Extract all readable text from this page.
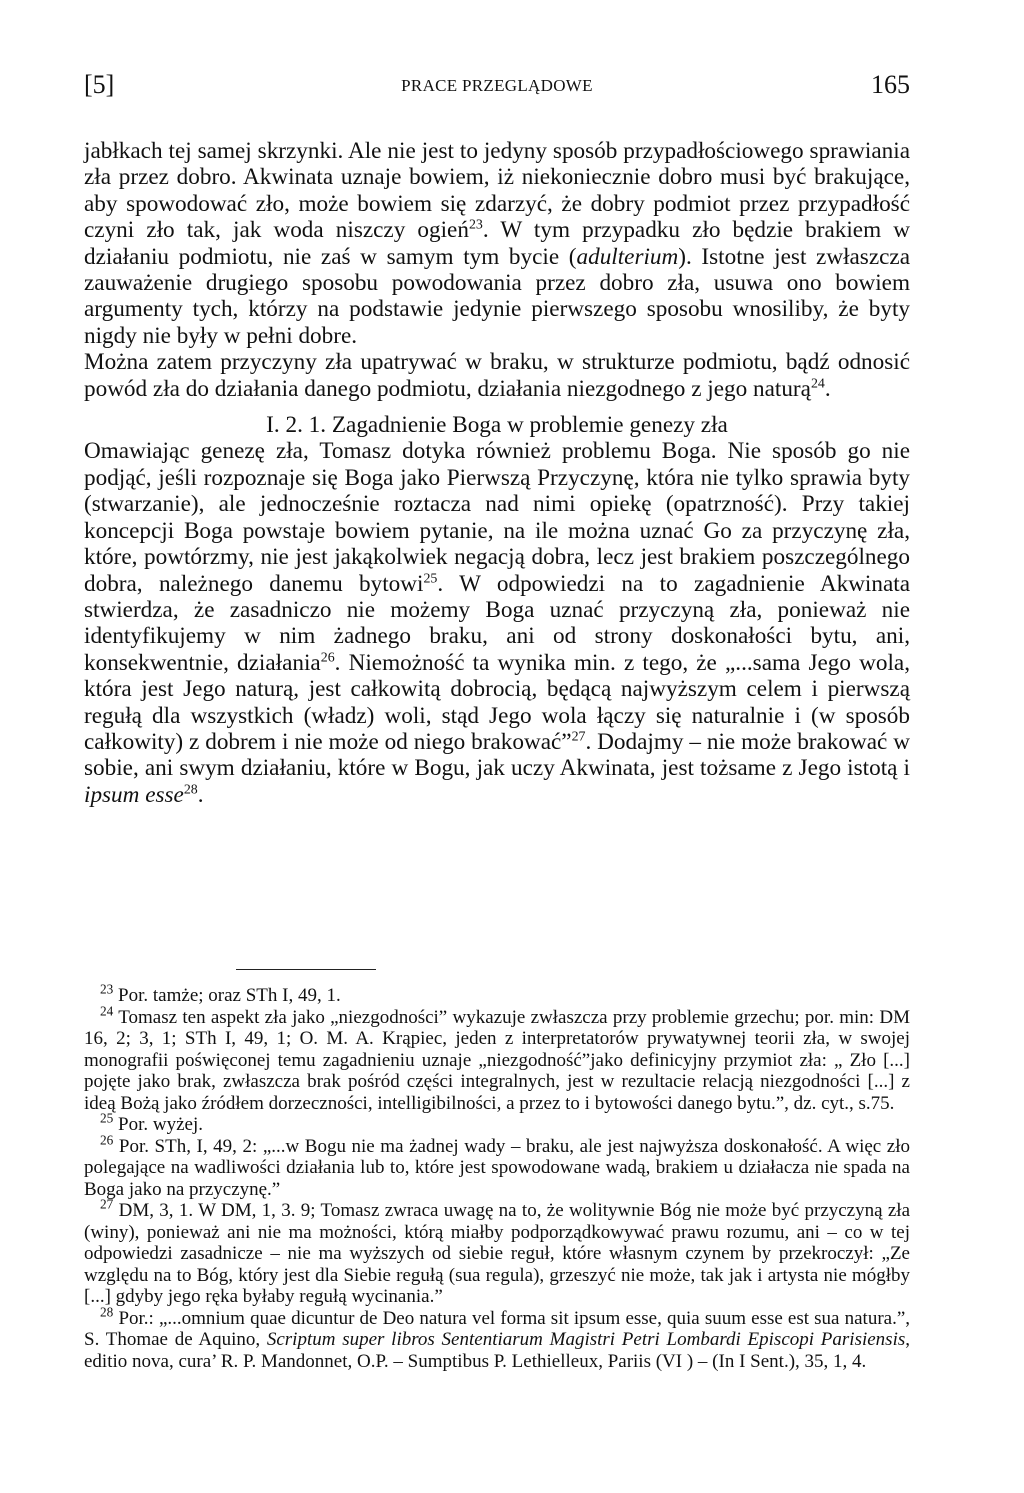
[5]	PRACE PRZEGLĄDOWE	165

jabłkach tej samej skrzynki. Ale nie jest to jedyny sposób przypadłościowego sprawiania zła przez dobro. Akwinata uznaje bowiem, iż niekoniecznie dobro musi być brakujące, aby spowodować zło, może bowiem się zdarzyć, że dobry podmiot przez przypadłość czyni zło tak, jak woda niszczy ogień$^{23}$. W tym przypadku zło będzie brakiem w działaniu podmiotu, nie zaś w samym tym bycie (adulterium). Istotne jest zwłaszcza zauważenie drugiego sposobu powodowania przez dobro zła, usuwa ono bowiem argumenty tych, którzy na podstawie jedynie pierwszego sposobu wnosiliby, że byty nigdy nie były w pełni dobre.

Można zatem przyczyny zła upatrywać w braku, w strukturze podmiotu, bądź odnosić powód zła do działania danego podmiotu, działania niezgodnego z jego naturą$^{24}$.

I. 2. 1. Zagadnienie Boga w problemie genezy zła

Omawiając genezę zła, Tomasz dotyka również problemu Boga. Nie sposób go nie podjąć, jeśli rozpoznaje się Boga jako Pierwszą Przyczynę, która nie tylko sprawia byty (stwarzanie), ale jednocześnie roztacza nad nimi opiekę (opatrzność). Przy takiej koncepcji Boga powstaje bowiem pytanie, na ile można uznać Go za przyczynę zła, które, powtórzmy, nie jest jakąkolwiek negacją dobra, lecz jest brakiem poszczególnego dobra, należnego danemu bytowi$^{25}$. W odpowiedzi na to zagadnienie Akwinata stwierdza, że zasadniczo nie możemy Boga uznać przyczyną zła, ponieważ nie identyfikujemy w nim żadnego braku, ani od strony doskonałości bytu, ani, konsekwentnie, działania$^{26}$. Niemożność ta wynika min. z tego, że „...sama Jego wola, która jest Jego naturą, jest całkowitą dobrocią, będącą najwyższym celem i pierwszą regułą dla wszystkich (władz) woli, stąd Jego wola łączy się naturalnie i (w sposób całkowity) z dobrem i nie może od niego brakować”$^{27}$. Dodajmy – nie może brakować w sobie, ani swym działaniu, które w Bogu, jak uczy Akwinata, jest tożsame z Jego istotą i ipsum esse$^{28}$.

$^{23}$ Por. tamże; oraz STh I, 49, 1.

$^{24}$ Tomasz ten aspekt zła jako „niezgodności” wykazuje zwłaszcza przy problemie grzechu; por. min: DM 16, 2; 3, 1; STh I, 49, 1; O. M. A. Krąpiec, jeden z interpretatorów prywatywnej teorii zła, w swojej monografii poświęconej temu zagadnieniu uznaje „niezgodność”jako definicyjny przymiot zła: „ Zło [...] pojęte jako brak, zwłaszcza brak pośród części integralnych, jest w rezultacie relacją niezgodności [...] z ideą Bożą jako źródłem dorzeczności, intelligibilności, a przez to i bytowości danego bytu.”, dz. cyt., s.75.

$^{25}$ Por. wyżej.

$^{26}$ Por. STh, I, 49, 2: „...w Bogu nie ma żadnej wady – braku, ale jest najwyższa doskonałość. A więc zło polegające na wadliwości działania lub to, które jest spowodowane wadą, brakiem u działacza nie spada na Boga jako na przyczynę.”

$^{27}$ DM, 3, 1. W DM, 1, 3. 9; Tomasz zwraca uwagę na to, że wolitywnie Bóg nie może być przyczyną zła (winy), ponieważ ani nie ma możności, którą miałby podporządkowywać prawu rozumu, ani – co w tej odpowiedzi zasadnicze – nie ma wyższych od siebie reguł, które własnym czynem by przekroczył: „Ze względu na to Bóg, który jest dla Siebie regułą (sua regula), grzeszyć nie może, tak jak i artysta nie mógłby [...] gdyby jego ręka byłaby regułą wycinania.”

$^{28}$ Por.: „...omnium quae dicuntur de Deo natura vel forma sit ipsum esse, quia suum esse est sua natura.”, S. Thomae de Aquino, Scriptum super libros Sententiarum Magistri Petri Lombardi Episcopi Parisiensis, editio nova, cura’ R. P. Mandonnet, O.P. – Sumptibus P. Lethielleux, Pariis (VI ) – (In I Sent.), 35, 1, 4.
